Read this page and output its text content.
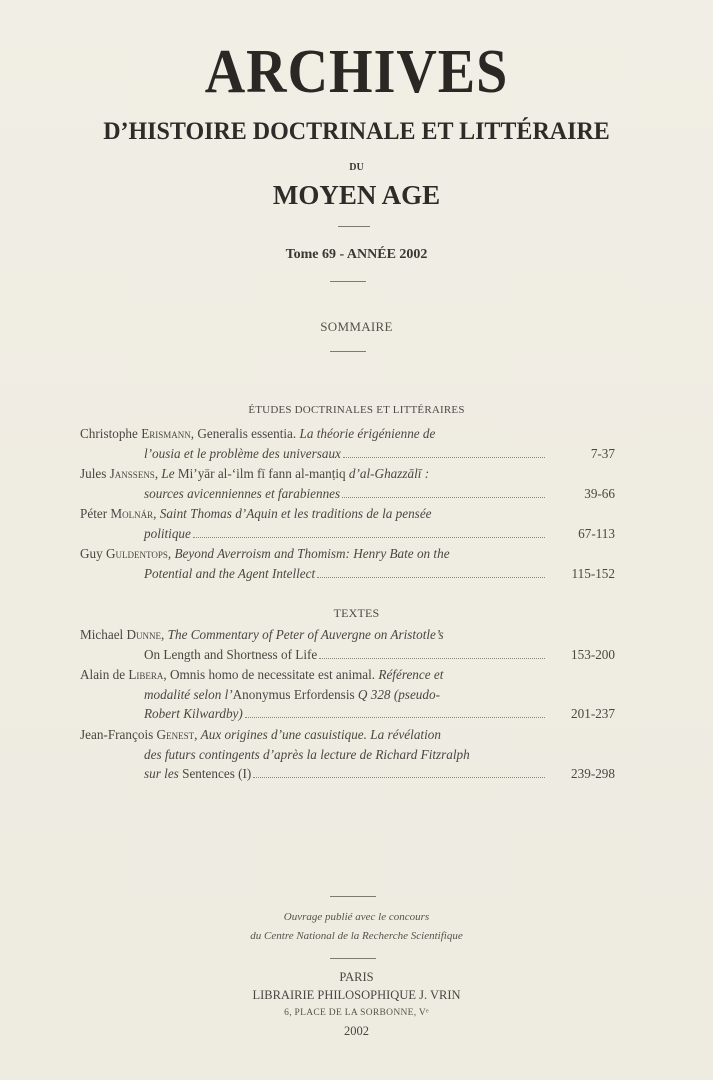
ARCHIVES
D’HISTOIRE DOCTRINALE ET LITTÉRAIRE
DU
MOYEN AGE
Tome 69 - ANNÉE 2002
SOMMAIRE
ÉTUDES DOCTRINALES ET LITTÉRAIRES
Christophe Erismann, Generalis essentia. La théorie érigénienne de
l’ousia et le problème des universaux	7-37
Jules Janssens, Le Mi’yār al-‘ilm fī fann al-manṭiq d’al-Ghazzālī :
sources avicenniennes et farabiennes	39-66
Péter Molnár, Saint Thomas d’Aquin et les traditions de la pensée
politique	67-113
Guy Guldentops, Beyond Averroism and Thomism: Henry Bate on the
Potential and the Agent Intellect	115-152
TEXTES
Michael Dunne, The Commentary of Peter of Auvergne on Aristotle’s
On Length and Shortness of Life	153-200
Alain de Libera, Omnis homo de necessitate est animal. Référence et
modalité selon l’Anonymus Erfordensis Q 328 (pseudo-
Robert Kilwardby)	201-237
Jean-François Genest, Aux origines d’une casuistique. La révélation
des futurs contingents d’après la lecture de Richard Fitzralph
sur les Sentences (I)	239-298
Ouvrage publié avec le concours
du Centre National de la Recherche Scientifique
PARIS
LIBRAIRIE PHILOSOPHIQUE J. VRIN
6, PLACE DE LA SORBONNE, Vᵉ
2002
